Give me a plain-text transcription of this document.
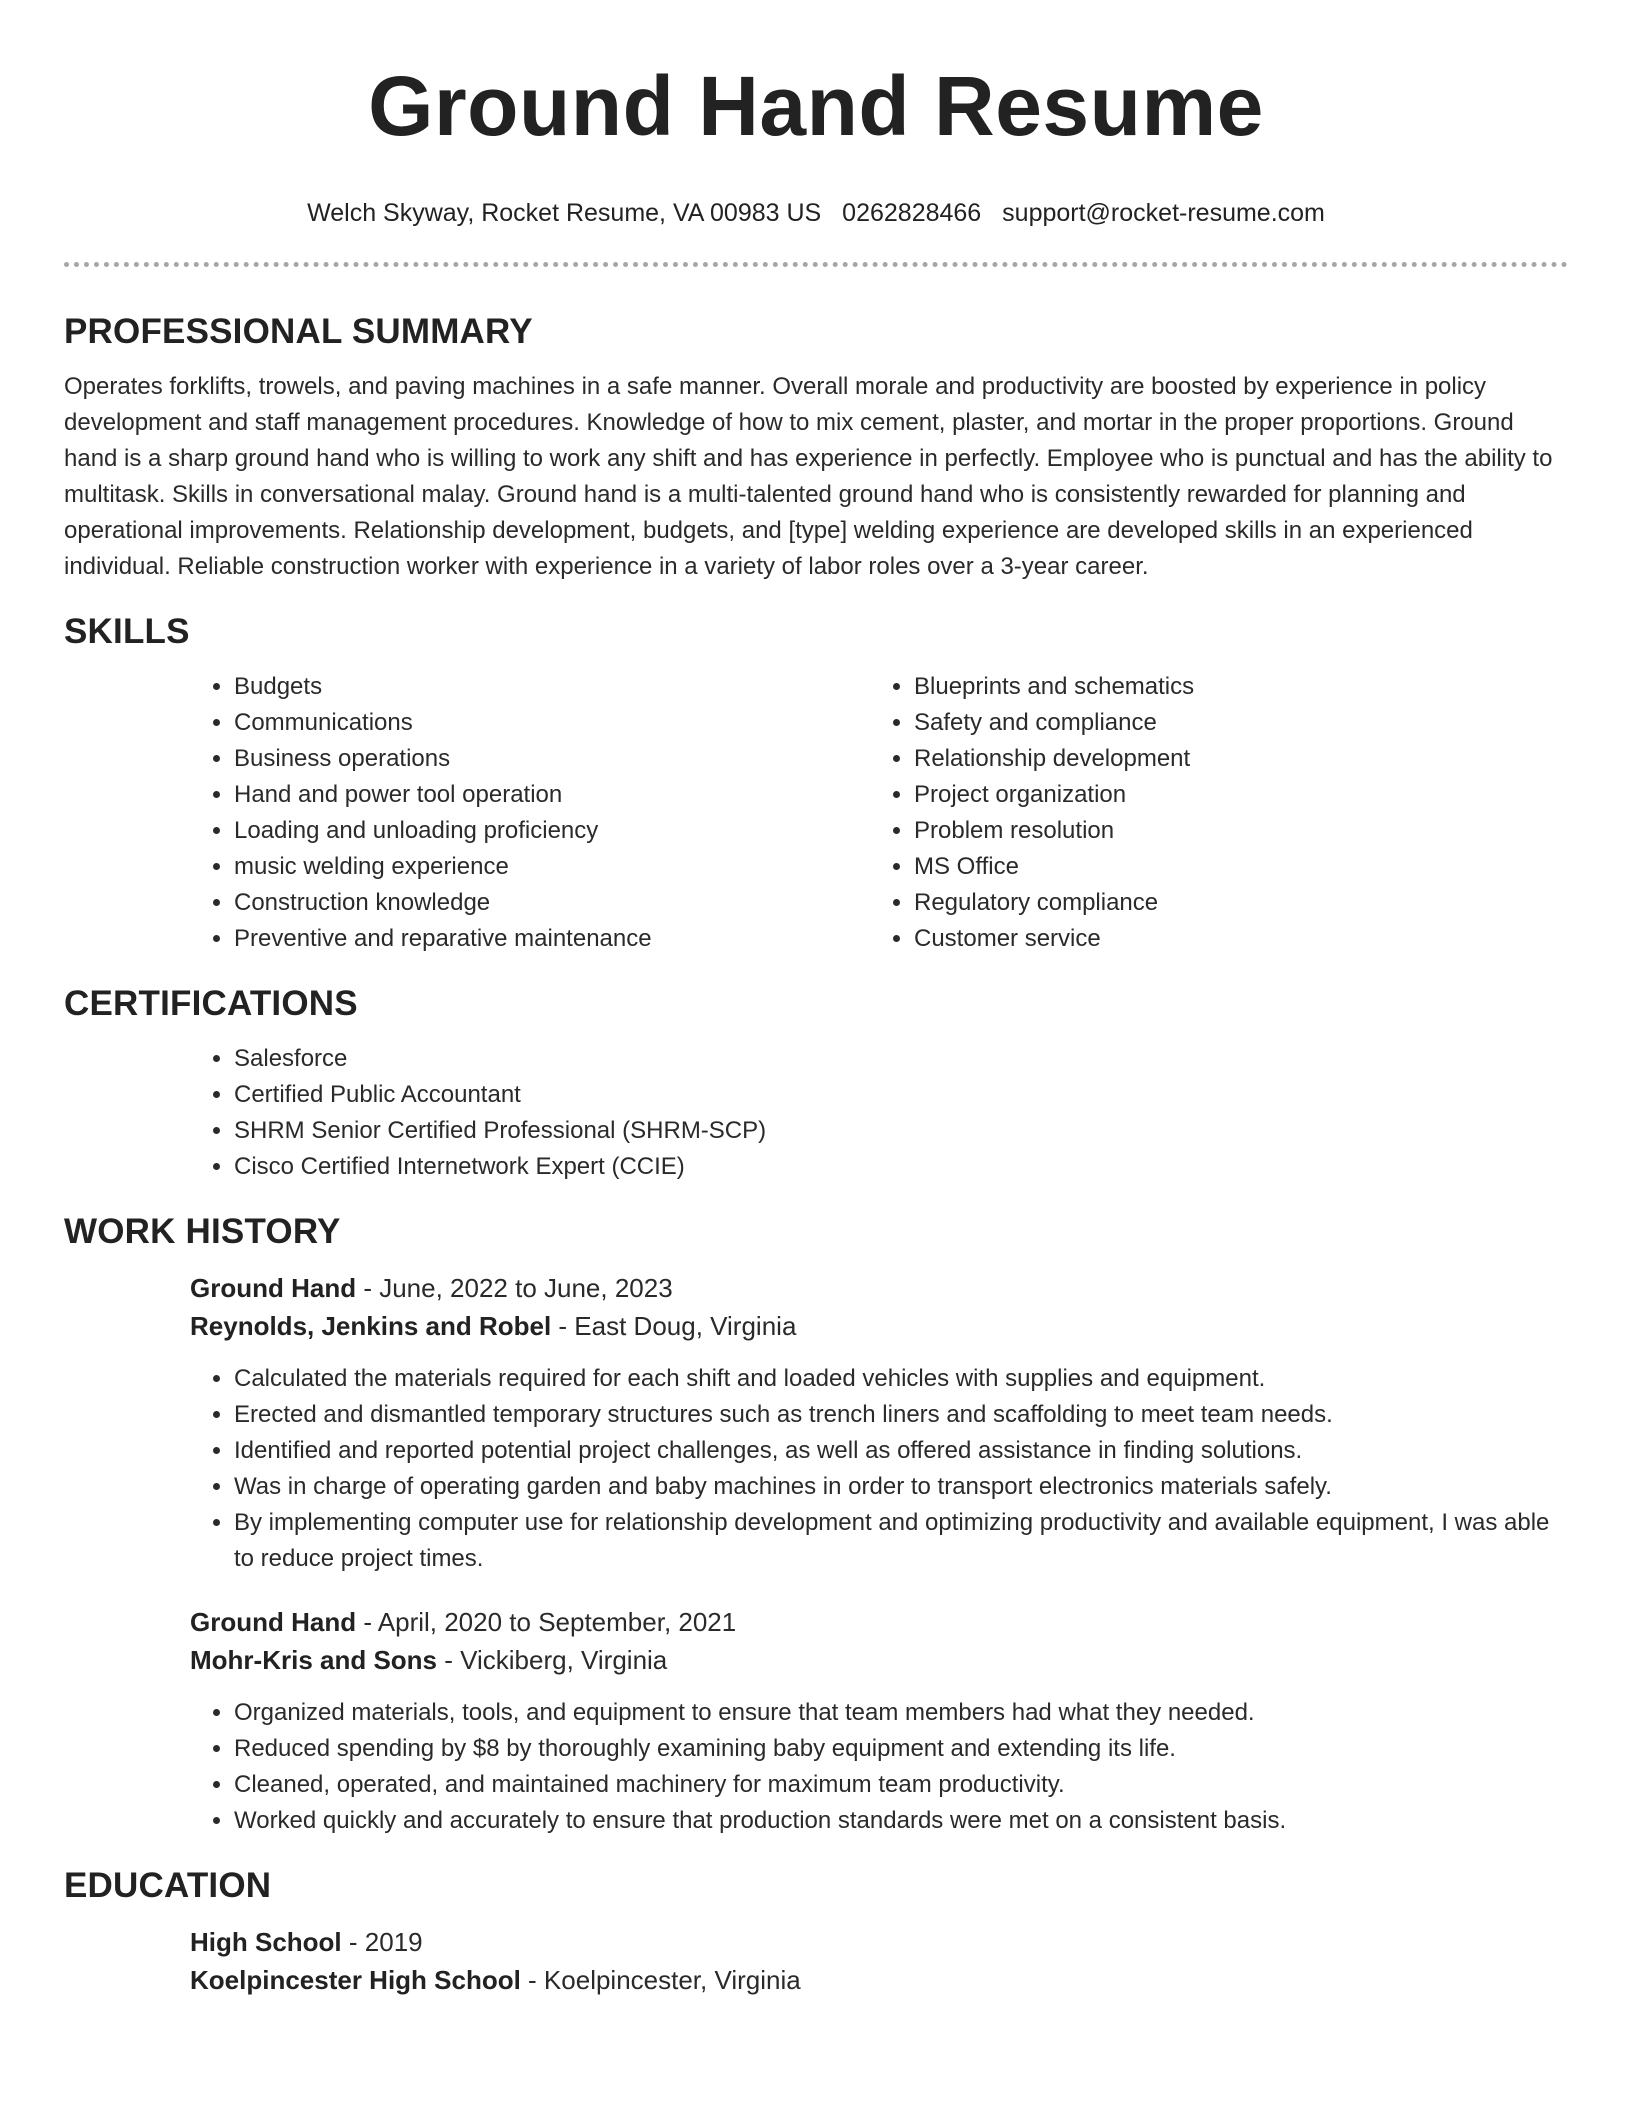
Ground Hand Resume
Welch Skyway, Rocket Resume, VA 00983 US 0262828466 support@rocket-resume.com
PROFESSIONAL SUMMARY

Operates forklifts, trowels, and paving machines in a safe manner. Overall morale and productivity are boosted by experience in policy development and staff management procedures. Knowledge of how to mix cement, plaster, and mortar in the proper proportions. Ground hand is a sharp ground hand who is willing to work any shift and has experience in perfectly. Employee who is punctual and has the ability to multitask. Skills in conversational malay. Ground hand is a multi-talented ground hand who is consistently rewarded for planning and operational improvements. Relationship development, budgets, and [type] welding experience are developed skills in an experienced individual. Reliable construction worker with experience in a variety of labor roles over a 3-year career.

SKILLS
• Budgets
• Communications
• Business operations
• Hand and power tool operation
• Loading and unloading proficiency
• music welding experience
• Construction knowledge
• Preventive and reparative maintenance
• Blueprints and schematics
• Safety and compliance
• Relationship development
• Project organization
• Problem resolution
• MS Office
• Regulatory compliance
• Customer service
CERTIFICATIONS
• Salesforce
• Certified Public Accountant
• SHRM Senior Certified Professional (SHRM-SCP)
• Cisco Certified Internetwork Expert (CCIE)
WORK HISTORY
Ground Hand - June, 2022 to June, 2023
Reynolds, Jenkins and Robel - East Doug, Virginia
• Calculated the materials required for each shift and loaded vehicles with supplies and equipment.
• Erected and dismantled temporary structures such as trench liners and scaffolding to meet team needs.
• Identified and reported potential project challenges, as well as offered assistance in finding solutions.
• Was in charge of operating garden and baby machines in order to transport electronics materials safely.
• By implementing computer use for relationship development and optimizing productivity and available equipment, I was able to reduce project times.
Ground Hand - April, 2020 to September, 2021
Mohr-Kris and Sons - Vickiberg, Virginia
• Organized materials, tools, and equipment to ensure that team members had what they needed.
• Reduced spending by $8 by thoroughly examining baby equipment and extending its life.
• Cleaned, operated, and maintained machinery for maximum team productivity.
• Worked quickly and accurately to ensure that production standards were met on a consistent basis.
EDUCATION
High School - 2019
Koelpincester High School - Koelpincester, Virginia
